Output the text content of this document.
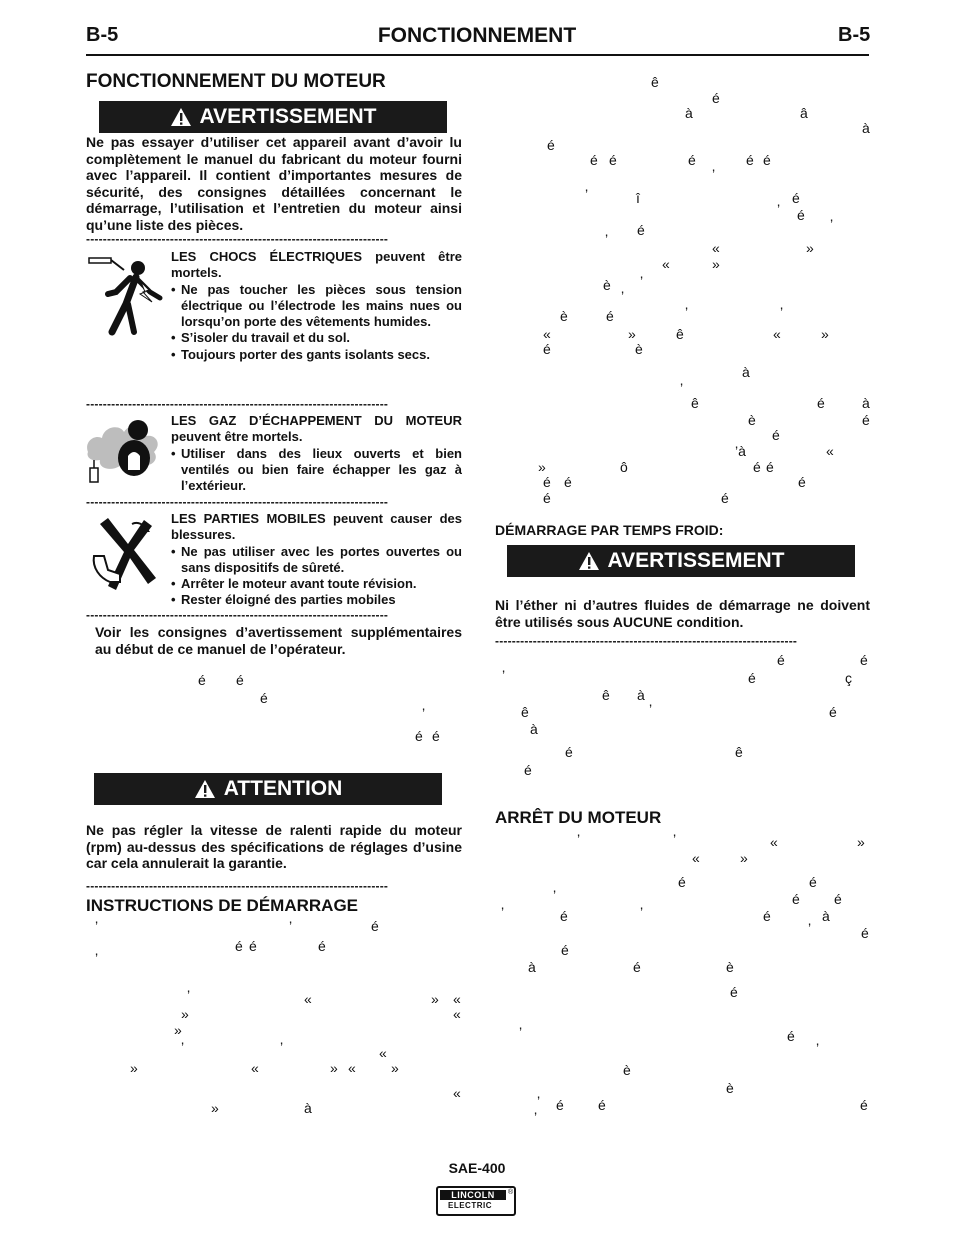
B-5	FONCTIONNEMENT	B-5
FONCTIONNEMENT DU MOTEUR
AVERTISSEMENT
Ne pas essayer d’utiliser cet appareil avant d’avoir lu complètement le manuel du fabricant du moteur fourni avec l’appareil. Il contient d’importantes mesures de sécurité, des consignes détaillées concernant le démarrage, l’utilisation et l’entretien du moteur ainsi qu’une liste des pièces.
------------------------------------------------------------------------
LES CHOCS ÉLECTRIQUES peuvent être mortels.
• Ne pas toucher les pièces sous tension électrique ou l’électrode les mains nues ou lorsqu’on porte des vêtements humides.
• S’isoler du travail et du sol.
• Toujours porter des gants isolants secs.
------------------------------------------------------------------------
LES GAZ D’ÉCHAPPEMENT DU MOTEUR peuvent être mortels.
• Utiliser dans des lieux ouverts et bien ventilés ou bien faire échapper les gaz à l’extérieur.
------------------------------------------------------------------------
LES PARTIES MOBILES peuvent causer des blessures.
• Ne pas utiliser avec les portes ouvertes ou sans dispositifs de sûreté.
• Arrêter le moteur avant toute révision.
• Rester éloigné des parties mobiles
------------------------------------------------------------------------
Voir les consignes d’avertissement supplémentaires au début de ce manuel de l’opérateur.
é é
é
’
é é
ATTENTION
Ne pas régler la vitesse de ralenti rapide du moteur (rpm) au-dessus des spécifications de réglages d’usine car cela annulerait la garantie.
------------------------------------------------------------------------
INSTRUCTIONS DE DÉMARRAGE
’	’	é
é é	é
’
’	«	» «
»	«
»
’	’	«
»	«	» «	»
«
»	à
ê
é
à	â
à
é
é é	é	é é
’
’	î	é
’ é
’
’
é
«	»
«	»
è ’
’
è	é	’	’
«	»	ê	«	»
é	è
à
ê	é	à
’
è	é
é
’à	«
»	ô	é é
é é	é
é	é
DÉMARRAGE PAR TEMPS FROID:
AVERTISSEMENT
Ni l’éther ni d’autres fluides de démarrage ne doivent être utilisés sous AUCUNE condition.
------------------------------------------------------------------------
é	é
’	é	ç
ê à
ê	’	é
à
é	ê
é
ARRÊT DU MOTEUR
’	’	«	»
«	»
é	é
’	é é
’	é	’	é	à
’	é
é
à	é	è
é
’	é
’
è
è
’ é é	é
’
SAE-400
LINCOLN
ELECTRIC
®
